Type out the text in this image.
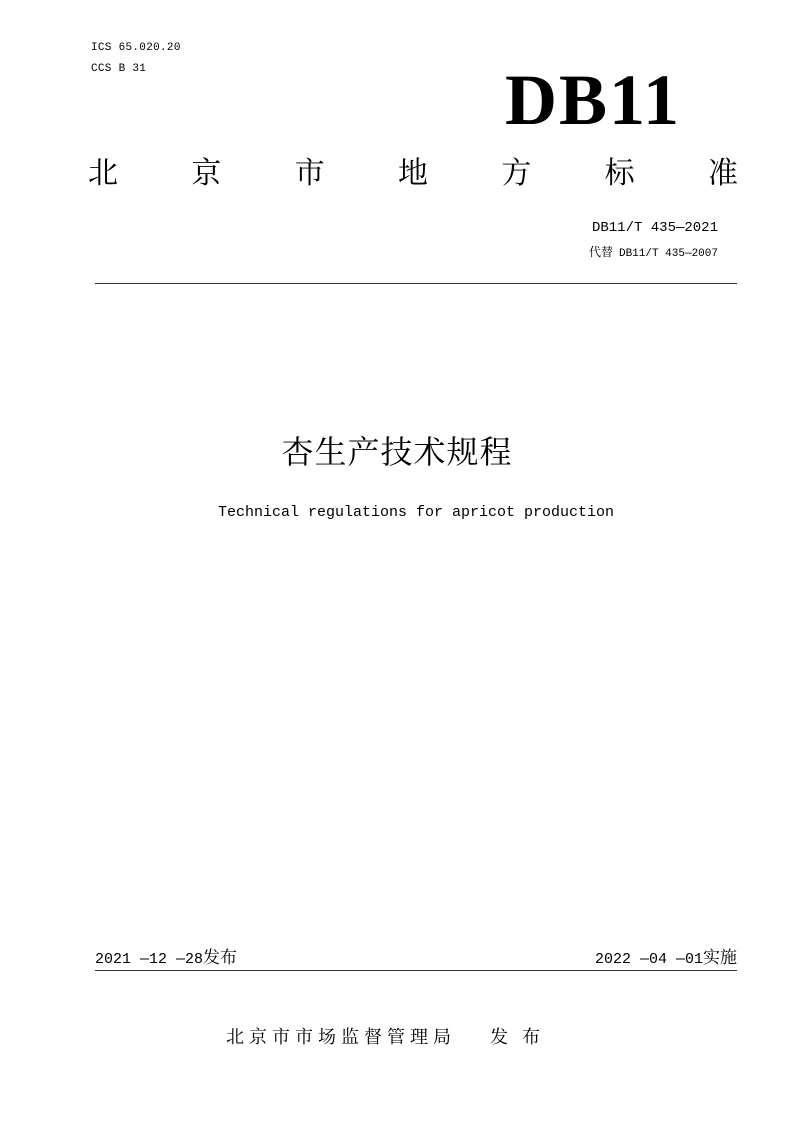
ICS 65.020.20
CCS B 31	DB11
北 京 市 地 方 标 准
DB11/T 435—2021
代替 DB11/T 435—2007
杏生产技术规程
Technical regulations for apricot production
2021 —12 —28发布	2022 —04 —01实施
北京市市场监督管理局 发布
